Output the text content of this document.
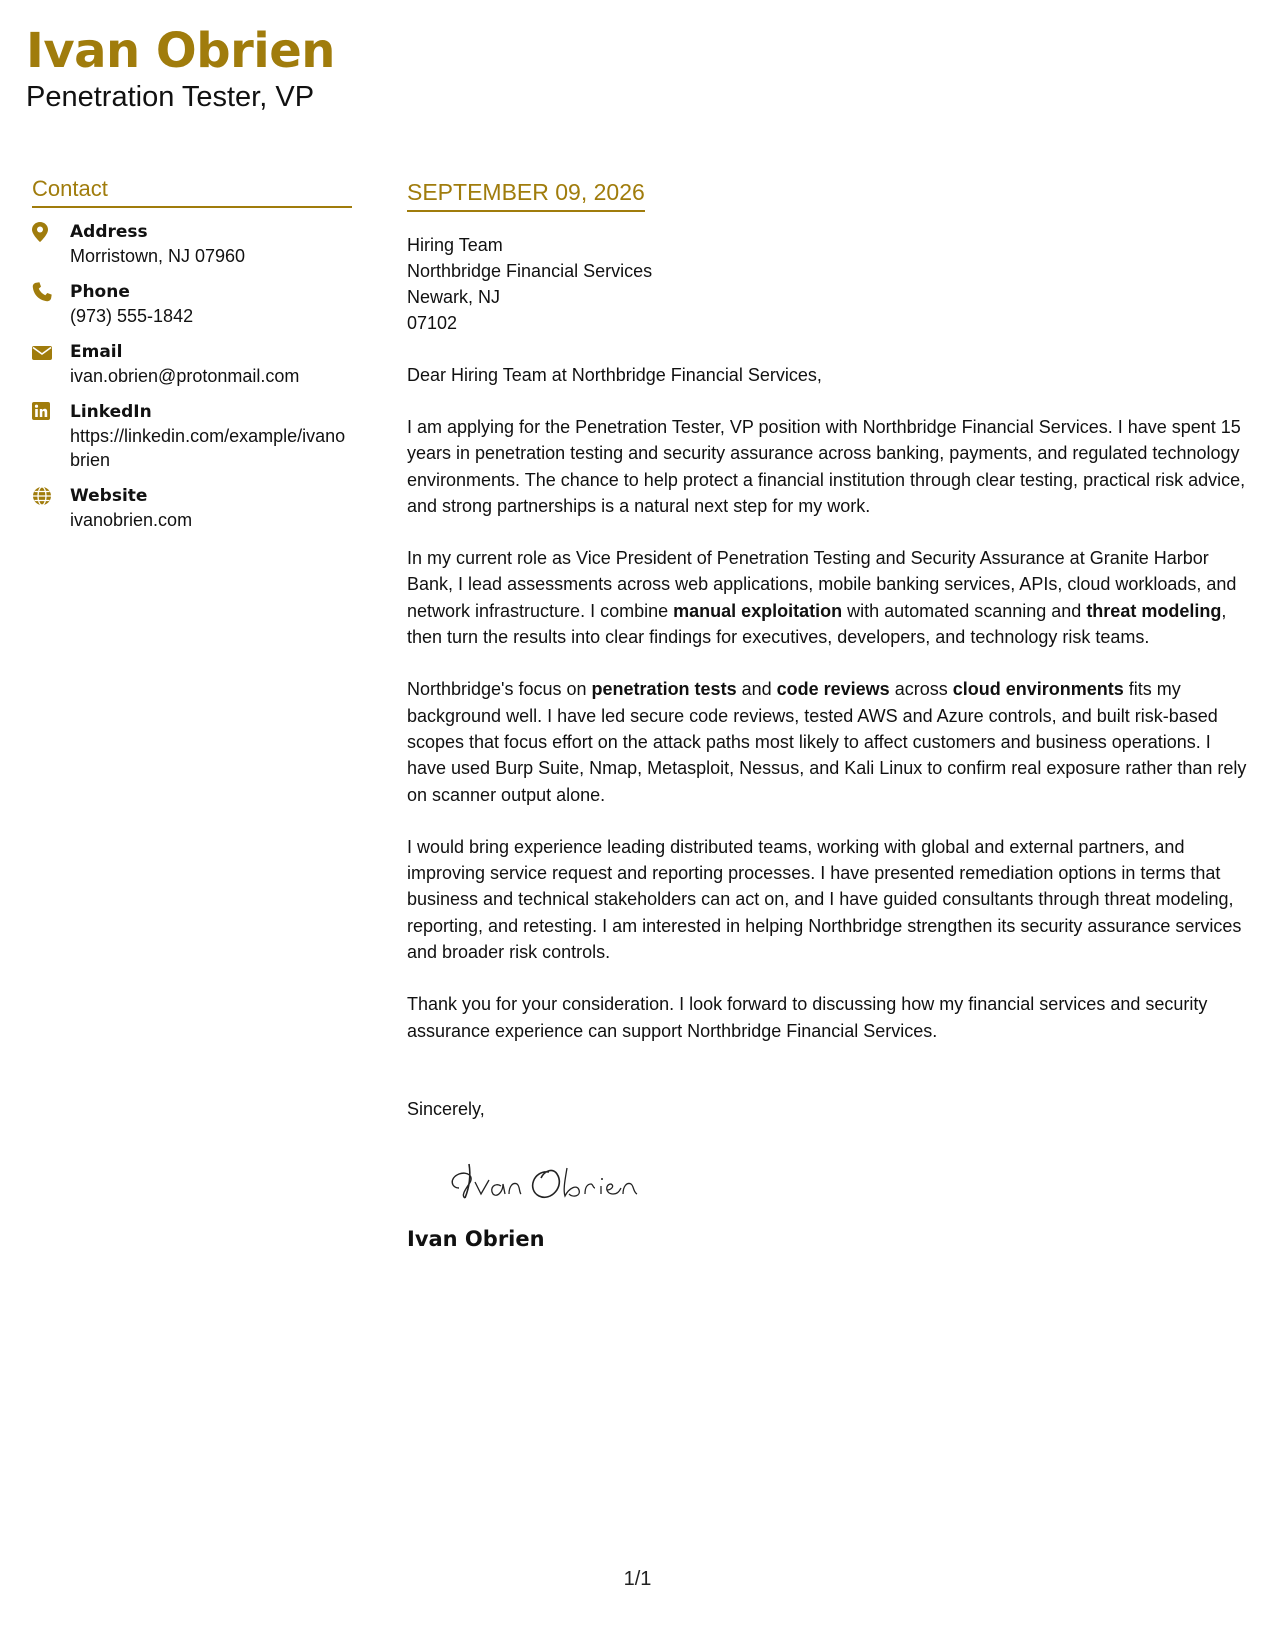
Ivan Obrien
Penetration Tester, VP
Contact
Address
Morristown, NJ 07960
Phone
(973) 555-1842
Email
ivan.obrien@protonmail.com
LinkedIn
https://linkedin.com/example/ivanobrien
Website
ivanobrien.com
SEPTEMBER 09, 2026
Hiring Team
Northbridge Financial Services
Newark, NJ
07102
Dear Hiring Team at Northbridge Financial Services,
I am applying for the Penetration Tester, VP position with Northbridge Financial Services. I have spent 15 years in penetration testing and security assurance across banking, payments, and regulated technology environments. The chance to help protect a financial institution through clear testing, practical risk advice, and strong partnerships is a natural next step for my work.
In my current role as Vice President of Penetration Testing and Security Assurance at Granite Harbor Bank, I lead assessments across web applications, mobile banking services, APIs, cloud workloads, and network infrastructure. I combine manual exploitation with automated scanning and threat modeling, then turn the results into clear findings for executives, developers, and technology risk teams.
Northbridge's focus on penetration tests and code reviews across cloud environments fits my background well. I have led secure code reviews, tested AWS and Azure controls, and built risk-based scopes that focus effort on the attack paths most likely to affect customers and business operations. I have used Burp Suite, Nmap, Metasploit, Nessus, and Kali Linux to confirm real exposure rather than rely on scanner output alone.
I would bring experience leading distributed teams, working with global and external partners, and improving service request and reporting processes. I have presented remediation options in terms that business and technical stakeholders can act on, and I have guided consultants through threat modeling, reporting, and retesting. I am interested in helping Northbridge strengthen its security assurance services and broader risk controls.
Thank you for your consideration. I look forward to discussing how my financial services and security assurance experience can support Northbridge Financial Services.
Sincerely,
Ivan Obrien
1/1
